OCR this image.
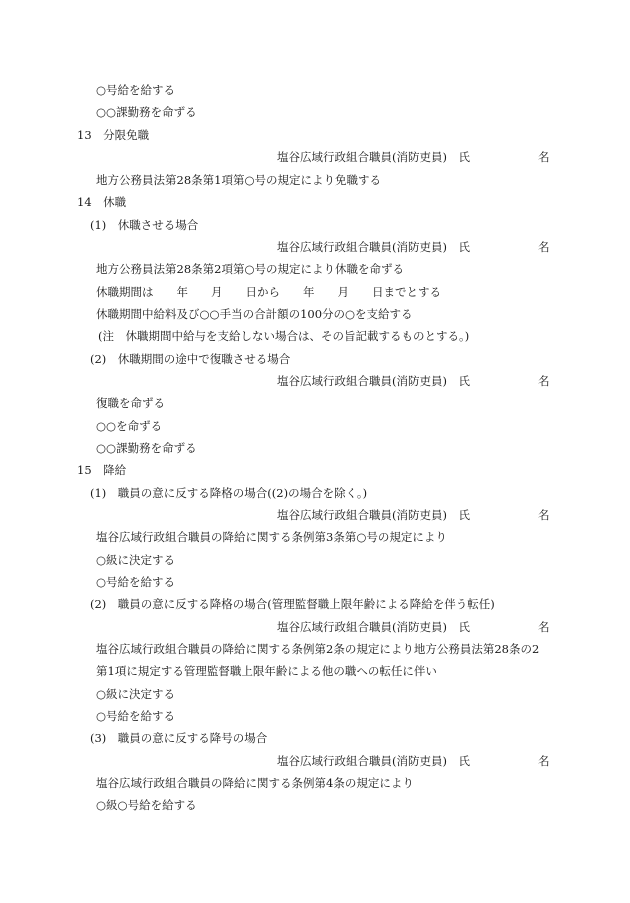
○号給を給する
○○課勤務を命ずる
13　分限免職
塩谷広域行政組合職員(消防吏員)　氏	名
地方公務員法第28条第1項第○号の規定により免職する
14　休職
(1)　休職させる場合
塩谷広域行政組合職員(消防吏員)　氏	名
地方公務員法第28条第2項第○号の規定により休職を命ずる
休職期間は　　年　　月　　日から　　年　　月　　日までとする
休職期間中給料及び○○手当の合計額の100分の○を支給する
(注　休職期間中給与を支給しない場合は、その旨記載するものとする。)
(2)　休職期間の途中で復職させる場合
塩谷広域行政組合職員(消防吏員)　氏	名
復職を命ずる
○○を命ずる
○○課勤務を命ずる
15　降給
(1)　職員の意に反する降格の場合((2)の場合を除く。)
塩谷広域行政組合職員(消防吏員)　氏	名
塩谷広域行政組合職員の降給に関する条例第3条第○号の規定により
○級に決定する
○号給を給する
(2)　職員の意に反する降格の場合(管理監督職上限年齢による降給を伴う転任)
塩谷広域行政組合職員(消防吏員)　氏	名
塩谷広域行政組合職員の降給に関する条例第2条の規定により地方公務員法第28条の2
第1項に規定する管理監督職上限年齢による他の職への転任に伴い
○級に決定する
○号給を給する
(3)　職員の意に反する降号の場合
塩谷広域行政組合職員(消防吏員)　氏	名
塩谷広域行政組合職員の降給に関する条例第4条の規定により
○級○号給を給する
